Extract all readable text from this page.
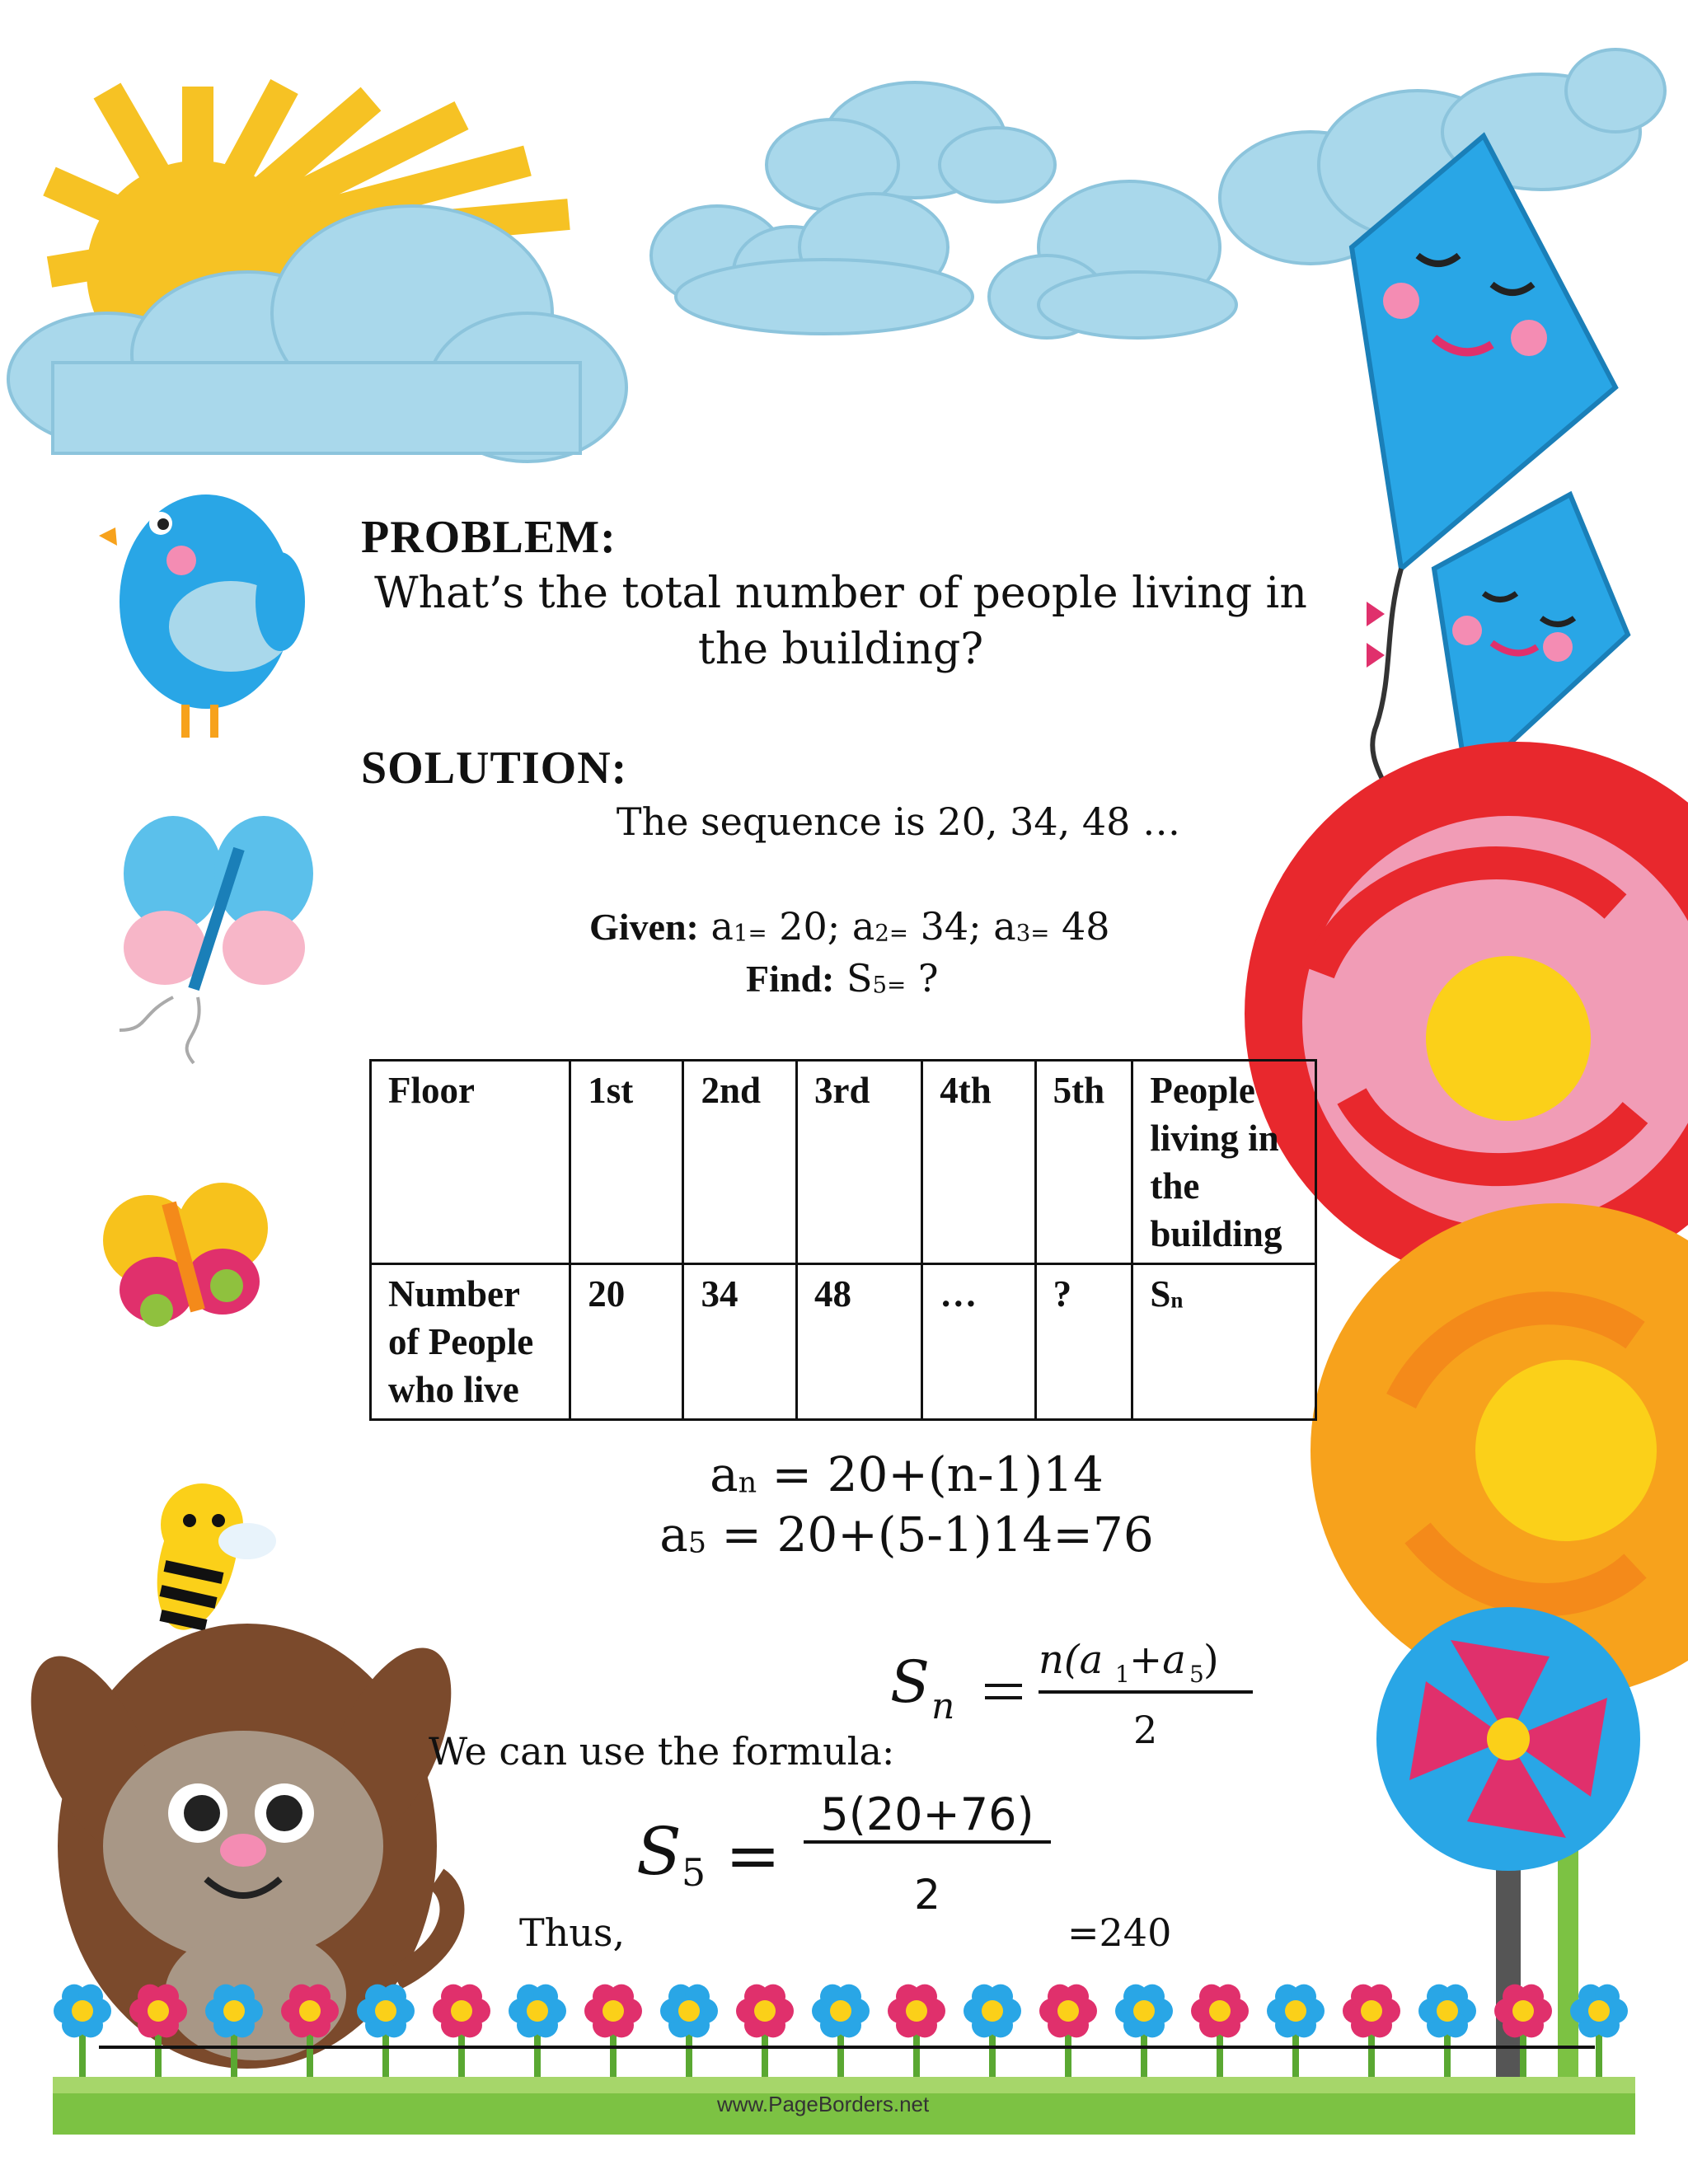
PROBLEM:
What’s the total number of people living in
the building?
SOLUTION:
The sequence is 20, 34, 48 …
Given: a1= 20; a2= 34; a3= 48
Find: S5= ?
Floor	1st	2nd	3rd	4th	5th	People living in the building
Number of People who live	20	34	48	…	?	Sn
an = 20+(n-1)14
a5 = 20+(5-1)14=76
We can use the formula:
S n
n(a 1 +a 5 )
2
Thus,
S5 =
5(20+76)
2
=240
www.PageBorders.net
